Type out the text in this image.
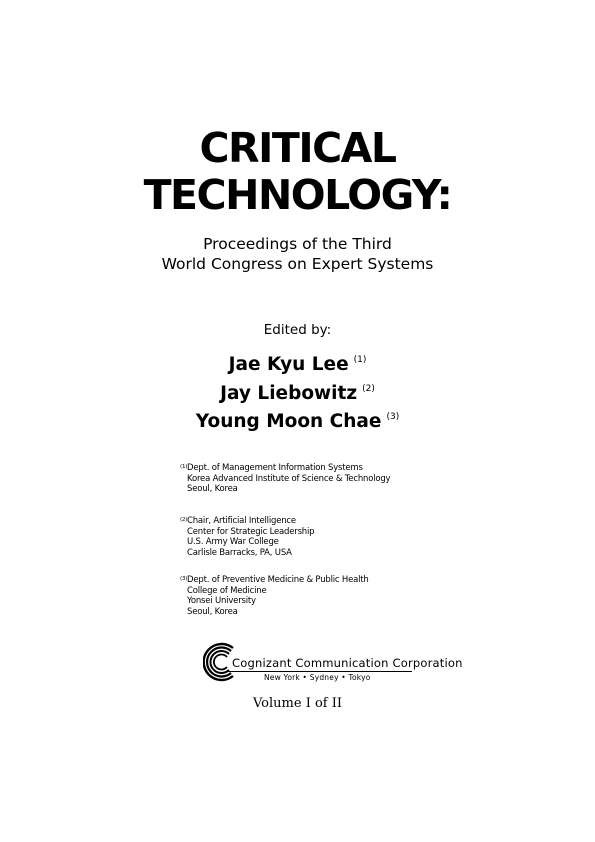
CRITICAL
TECHNOLOGY:
Proceedings of the Third
World Congress on Expert Systems
Edited by:
Jae Kyu Lee $^{(1)}$
Jay Liebowitz $^{(2)}$
Young Moon Chae $^{(3)}$
(1) Dept. of Management Information Systems
Korea Advanced Institute of Science & Technology
Seoul, Korea
(2) Chair, Artificial Intelligence
Center for Strategic Leadership
U.S. Army War College
Carlisle Barracks, PA, USA
(3) Dept. of Preventive Medicine & Public Health
College of Medicine
Yonsei University
Seoul, Korea
Cognizant Communication Corporation
New York • Sydney • Tokyo
Volume I of II
